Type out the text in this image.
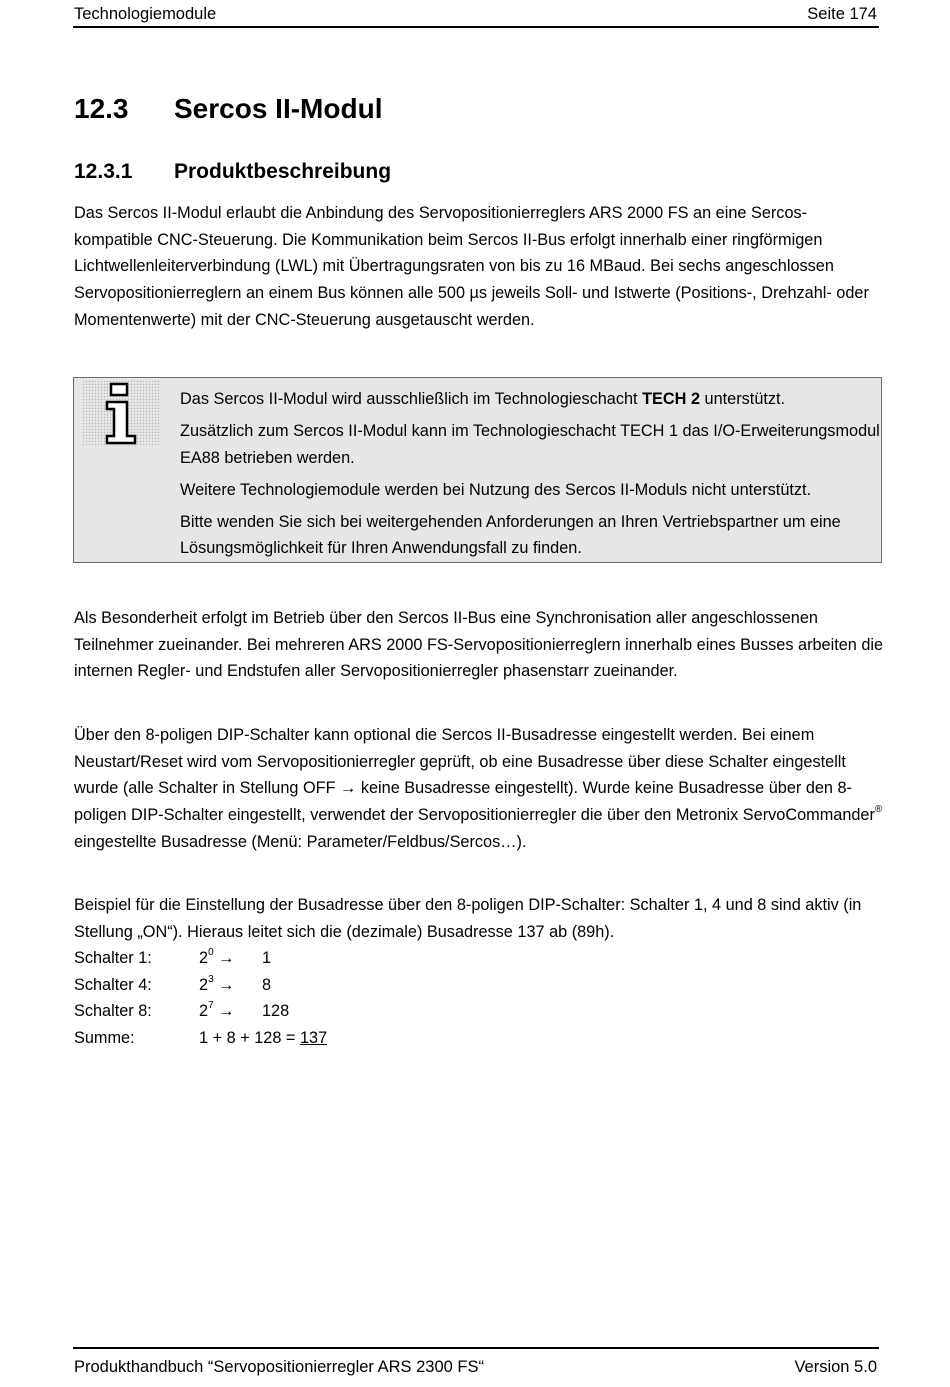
Technologiemodule	Seite 174
12.3 Sercos II-Modul
12.3.1 Produktbeschreibung
Das Sercos II-Modul erlaubt die Anbindung des Servopositionierreglers ARS 2000 FS an eine Sercos-kompatible CNC-Steuerung. Die Kommunikation beim Sercos II-Bus erfolgt innerhalb einer ringförmigen Lichtwellenleiterverbindung (LWL) mit Übertragungsraten von bis zu 16 MBaud. Bei sechs angeschlossen Servopositionierreglern an einem Bus können alle 500 µs jeweils Soll- und Istwerte (Positions-, Drehzahl- oder Momentenwerte) mit der CNC-Steuerung ausgetauscht werden.

Das Sercos II-Modul wird ausschließlich im Technologieschacht TECH 2 unterstützt.

Zusätzlich zum Sercos II-Modul kann im Technologieschacht TECH 1 das I/O-Erweiterungsmodul EA88 betrieben werden.

Weitere Technologiemodule werden bei Nutzung des Sercos II-Moduls nicht unterstützt.

Bitte wenden Sie sich bei weitergehenden Anforderungen an Ihren Vertriebspartner um eine Lösungsmöglichkeit für Ihren Anwendungsfall zu finden.

Als Besonderheit erfolgt im Betrieb über den Sercos II-Bus eine Synchronisation aller angeschlossenen Teilnehmer zueinander. Bei mehreren ARS 2000 FS-Servopositionierreglern innerhalb eines Busses arbeiten die internen Regler- und Endstufen aller Servopositionierregler phasenstarr zueinander.
Über den 8-poligen DIP-Schalter kann optional die Sercos II-Busadresse eingestellt werden. Bei einem Neustart/Reset wird vom Servopositionierregler geprüft, ob eine Busadresse über diese Schalter eingestellt wurde (alle Schalter in Stellung OFF → keine Busadresse eingestellt). Wurde keine Busadresse über den 8-poligen DIP-Schalter eingestellt, verwendet der Servopositionierregler die über den Metronix ServoCommander® eingestellte Busadresse (Menü: Parameter/Feldbus/Sercos…).
Beispiel für die Einstellung der Busadresse über den 8-poligen DIP-Schalter: Schalter 1, 4 und 8 sind aktiv (in Stellung „ON“). Hieraus leitet sich die (dezimale) Busadresse 137 ab (89h).
Schalter 1:	$2^0 \to 1$
Schalter 4:	$2^3 \to 8$
Schalter 8:	$2^7 \to 128$
Summe:	1 + 8 + 128 = 137
Produkthandbuch “Servopositionierregler ARS 2300 FS“	Version 5.0
